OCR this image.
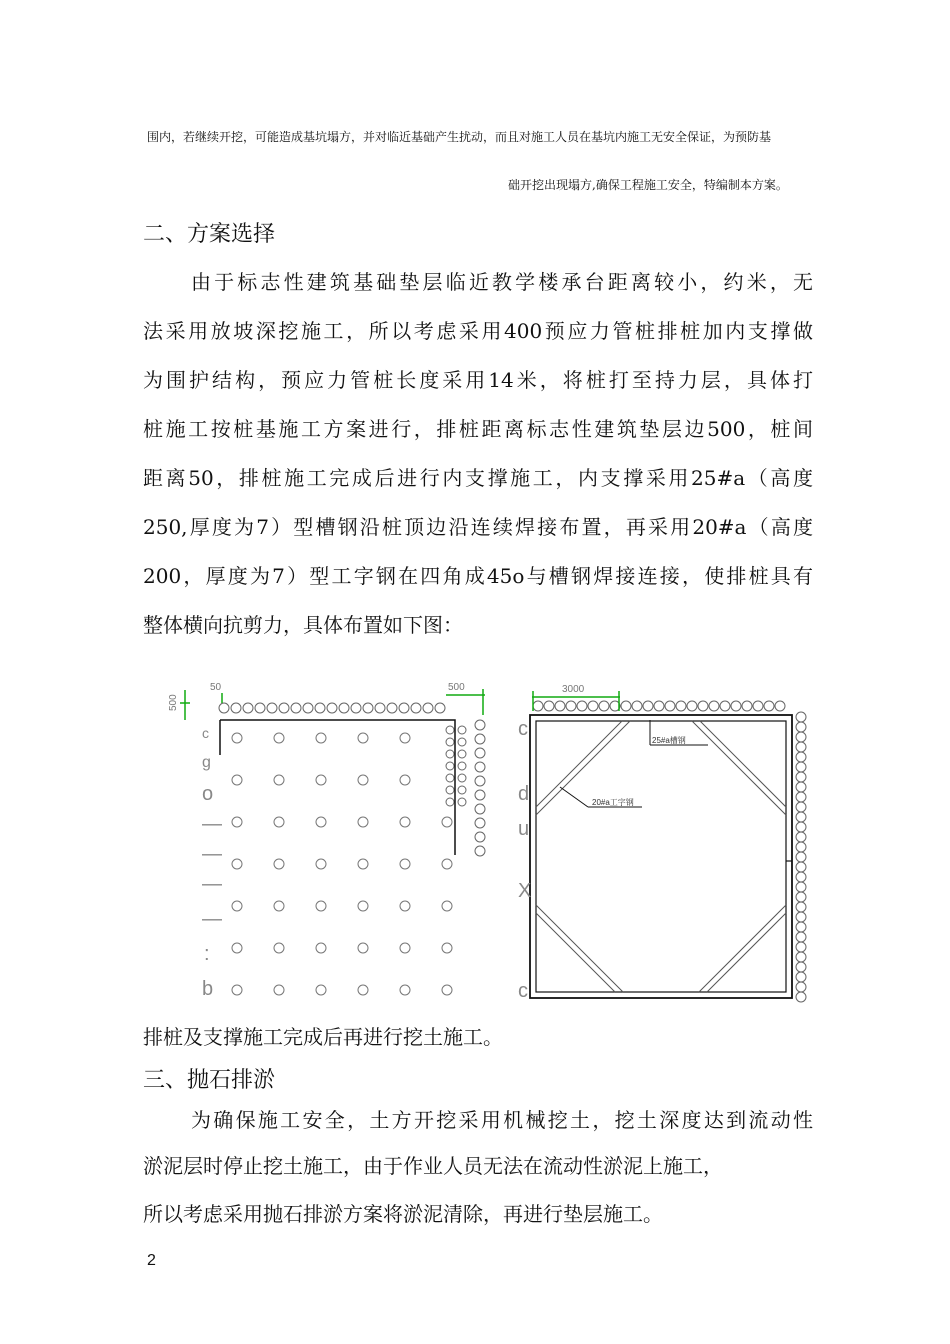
围内，若继续开挖，可能造成基坑塌方，并对临近基础产生扰动，而且对施工人员在基坑内施工无安全保证，为预防基
础开挖出现塌方,确保工程施工安全，特编制本方案。
二、方案选择

由于标志性建筑基础垫层临近教学楼承台距离较小，约米，无

法采用放坡深挖施工，所以考虑采用400预应力管桩排桩加内支撑做

为围护结构，预应力管桩长度采用14米，将桩打至持力层，具体打

桩施工按桩基施工方案进行，排桩距离标志性建筑垫层边500，桩间

距离50，排桩施工完成后进行内支撑施工，内支撑采用25#a（高度

250,厚度为7）型槽钢沿桩顶边沿连续焊接布置，再采用20#a（高度

200，厚度为7）型工字钢在四角成45o与槽钢焊接连接，使排桩具有

整体横向抗剪力，具体布置如下图：

500
50	500
c
g
o
—
—
—
—
:
b
25#a槽钢
20#a工字钢
3000
c
d
u
X
c
排桩及支撑施工完成后再进行挖土施工。
三、抛石排淤

为确保施工安全，土方开挖采用机械挖土，挖土深度达到流动性

淤泥层时停止挖土施工，由于作业人员无法在流动性淤泥上施工，

所以考虑采用抛石排淤方案将淤泥清除，再进行垫层施工。

2
